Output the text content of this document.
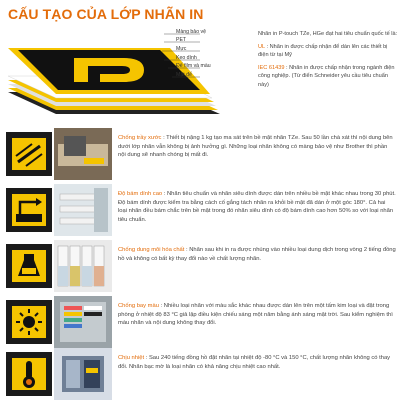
CẤU TẠO CỦA LỚP NHÃN IN
Màng bảo vệ
PET
Mực
Keo dính
Đế film và màu
Mặt đế

Nhãn in P-touch TZe, HGe đạt hai tiêu chuẩn quốc tế là:

UL : Nhãn in được chấp nhận để dán lên các thiết bị điện từ tại Mỹ

IEC 61439 : Nhãn in được chấp nhận trong ngành điện công nghiệp. (Từ điển Schneider yêu cầu tiêu chuẩn này)

Chống trầy xước : Thiết bị nặng 1 kg tạo ma sát trên bề mặt nhãn TZe. Sau 50 lần chà xát thì nội dung bên dưới lớp nhãn vẫn không bị ảnh hưởng gì. Những loại nhãn không có màng bảo vệ như Brother thì phần nội dung sẽ nhanh chóng bị mất đi.
Độ bám dính cao : Nhãn tiêu chuẩn và nhãn siêu dính được dán trên nhiều bề mặt khác nhau trong 30 phút. Độ bám dính được kiểm tra bằng cách cố gắng tách nhãn ra khỏi bề mặt đã dán ở một góc 180°. Cả hai loại nhãn đều bám chắc trên bề mặt trong đó nhãn siêu dính có độ bám dính cao hơn 50% so với loại nhãn tiêu chuẩn.
Chống dung môi hóa chất : Nhãn sau khi in ra được nhúng vào nhiều loại dung dịch trong vòng 2 tiếng đồng hồ và không có bất kỳ thay đổi nào về chất lượng nhãn.
Chống bay màu : Nhiều loại nhãn với màu sắc khác nhau được dán lên trên một tấm kim loại và đặt trong phòng ở nhiệt độ 83 °C giả lập điều kiện chiếu sáng một năm bằng ánh sáng mặt trời. Sau kiểm nghiệm thì màu nhãn và nội dung không thay đổi.
Chịu nhiệt : Sau 240 tiếng đồng hồ đặt nhãn tại nhiệt độ -80 °C và 150 °C, chất lượng nhãn không có thay đổi. Nhãn bạc mờ là loại nhãn có khả năng chịu nhiệt cao nhất.
